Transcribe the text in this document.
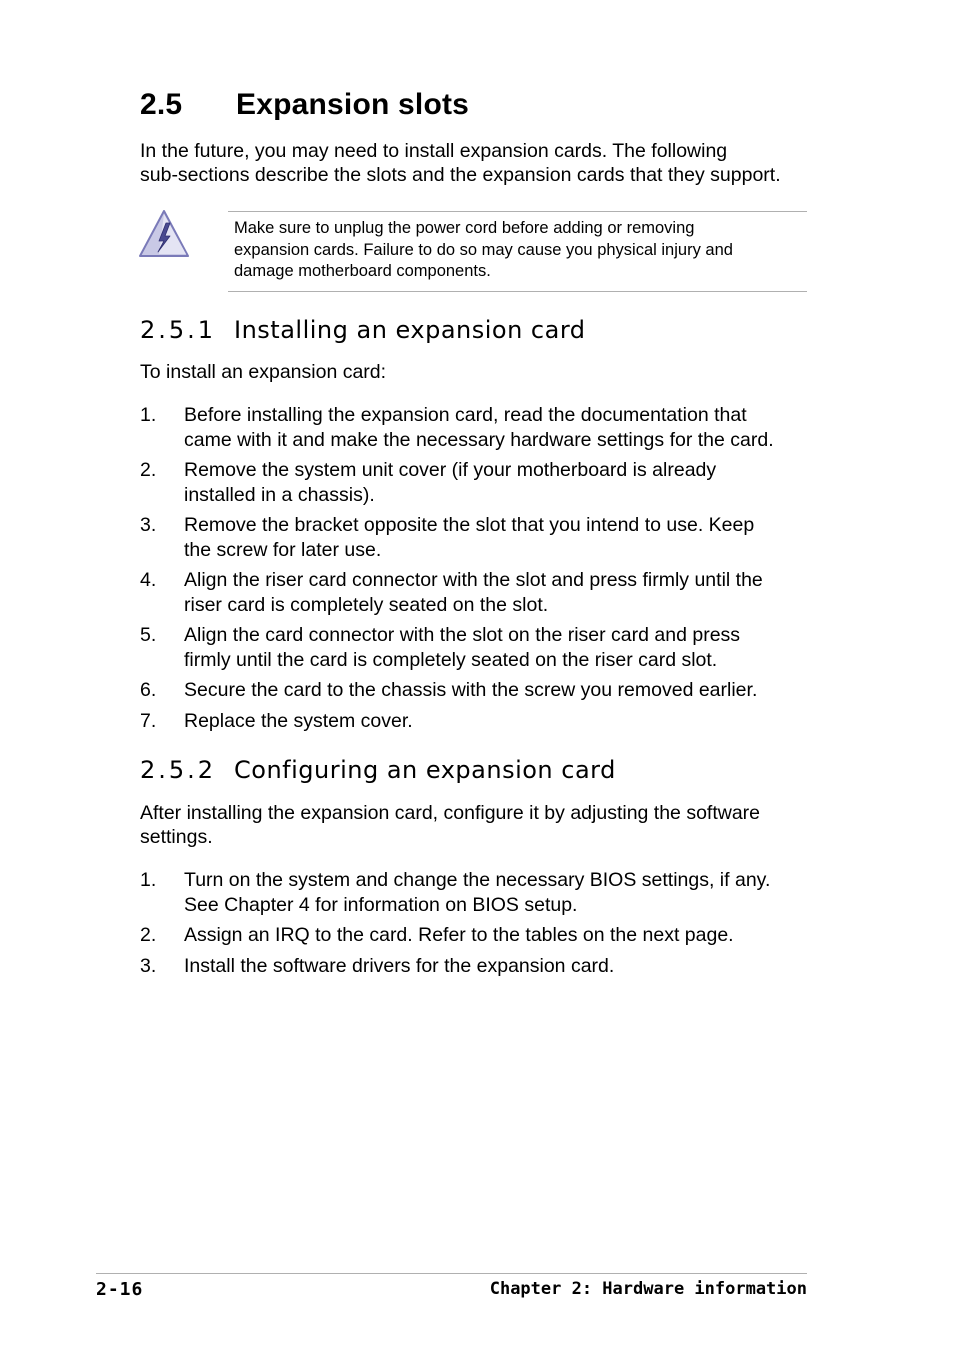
2.5 Expansion slots
In the future, you may need to install expansion cards. The following
sub-sections describe the slots and the expansion cards that they support.
Make sure to unplug the power cord before adding or removing
expansion cards. Failure to do so may cause you physical injury and
damage motherboard components.
2.5.1 Installing an expansion card
To install an expansion card:
1. Before installing the expansion card, read the documentation that
came with it and make the necessary hardware settings for the card.
2. Remove the system unit cover (if your motherboard is already
installed in a chassis).
3. Remove the bracket opposite the slot that you intend to use. Keep
the screw for later use.
4. Align the riser card connector with the slot and press firmly until the
riser card is completely seated on the slot.
5. Align the card connector with the slot on the riser card and press
firmly until the card is completely seated on the riser card slot.
6. Secure the card to the chassis with the screw you removed earlier.
7. Replace the system cover.
2.5.2 Configuring an expansion card
After installing the expansion card, configure it by adjusting the software
settings.
1. Turn on the system and change the necessary BIOS settings, if any.
See Chapter 4 for information on BIOS setup.
2. Assign an IRQ to the card. Refer to the tables on the next page.
3. Install the software drivers for the expansion card.
2-16	Chapter 2: Hardware information
